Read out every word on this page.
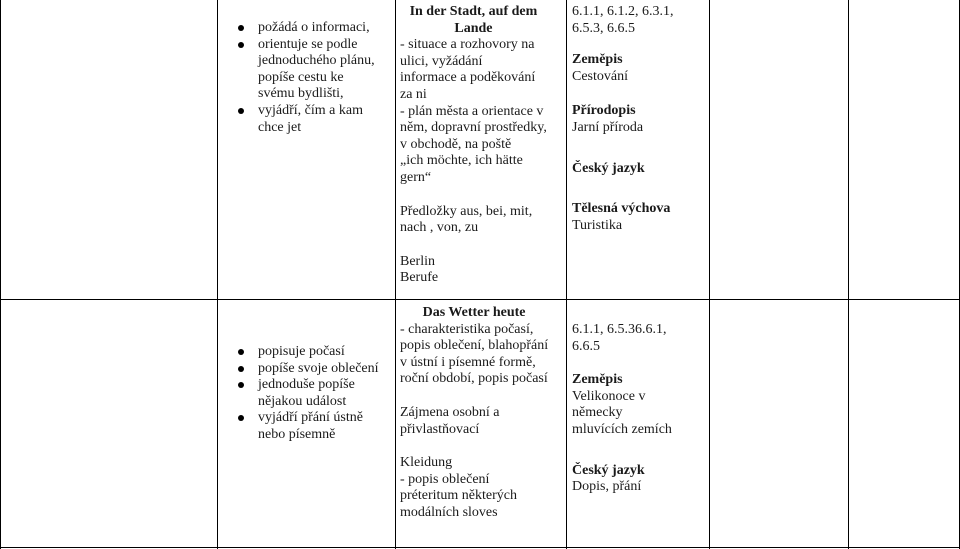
požádá o informaci,
orientuje se podle
jednoduchého plánu,
popíše cestu ke
svému bydlišti,
vyjádří, čím a kam
chce jet
In der Stadt, auf dem
Lande
- situace a rozhovory na
ulici, vyžádání
informace a poděkování
za ni
- plán města a orientace v
něm, dopravní prostředky,
v obchodě, na poště
„ich möchte, ich hätte
gern“
Předložky aus, bei, mit,
nach , von, zu
Berlin
Berufe
6.1.1, 6.1.2, 6.3.1,
6.5.3, 6.6.5
Zeměpis
Cestování
Přírodopis
Jarní příroda
Český jazyk
Tělesná výchova
Turistika
popisuje počasí
popíše svoje oblečení
jednoduše popíše
nějakou událost
vyjádří přání ústně
nebo písemně
Das Wetter heute
- charakteristika počasí,
popis oblečení, blahopřání
v ústní i písemné formě,
roční období, popis počasí
Zájmena osobní a
přivlastňovací
Kleidung
- popis oblečení
préteritum některých
modálních sloves
6.1.1, 6.5.36.6.1,
6.6.5
Zeměpis
Velikonoce v
německy
mluvících zemích
Český jazyk
Dopis, přání
